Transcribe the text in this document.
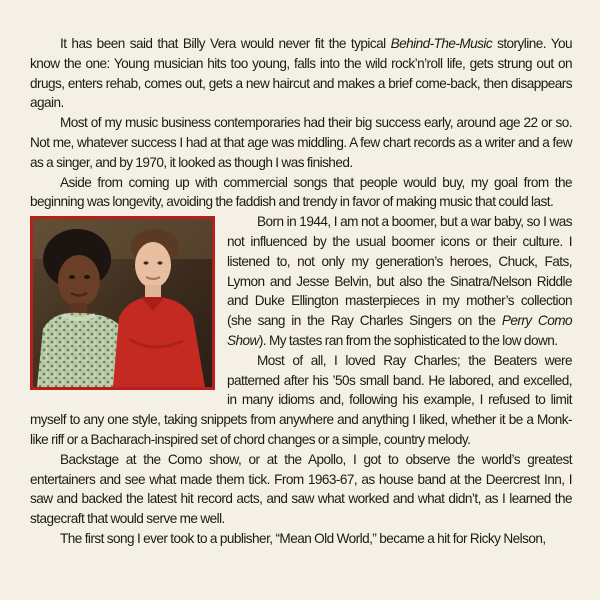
It has been said that Billy Vera would never fit the typical Behind-The-Music storyline. You know the one: Young musician hits too young, falls into the wild rock’n’roll life, gets strung out on drugs, enters rehab, comes out, gets a new haircut and makes a brief come-back, then disappears again.

Most of my music business contemporaries had their big success early, around age 22 or so. Not me, whatever success I had at that age was middling. A few chart records as a writer and a few as a singer, and by 1970, it looked as though I was finished.

Aside from coming up with commercial songs that people would buy, my goal from the beginning was longevity, avoiding the faddish and trendy in favor of making music that could last.

Born in 1944, I am not a boomer, but a war baby, so I was not influenced by the usual boomer icons or their culture. I listened to, not only my generation’s heroes, Chuck, Fats, Lymon and Jesse Belvin, but also the Sinatra/Nelson Riddle and Duke Ellington masterpieces in my mother’s collection (she sang in the Ray Charles Singers on the Perry Como Show). My tastes ran from the sophisticated to the low down.

Most of all, I loved Ray Charles; the Beaters were patterned after his ’50s small band. He labored, and excelled, in many idioms and, following his example, I refused to limit myself to any one style, taking snippets from anywhere and anything I liked, whether it be a Monk-like riff or a Bacharach-inspired set of chord changes or a simple, country melody.

Backstage at the Como show, or at the Apollo, I got to observe the world’s greatest entertainers and see what made them tick. From 1963-67, as house band at the Deercrest Inn, I saw and backed the latest hit record acts, and saw what worked and what didn’t, as I learned the stagecraft that would serve me well.

The first song I ever took to a publisher, “Mean Old World,” became a hit for Ricky Nelson,
